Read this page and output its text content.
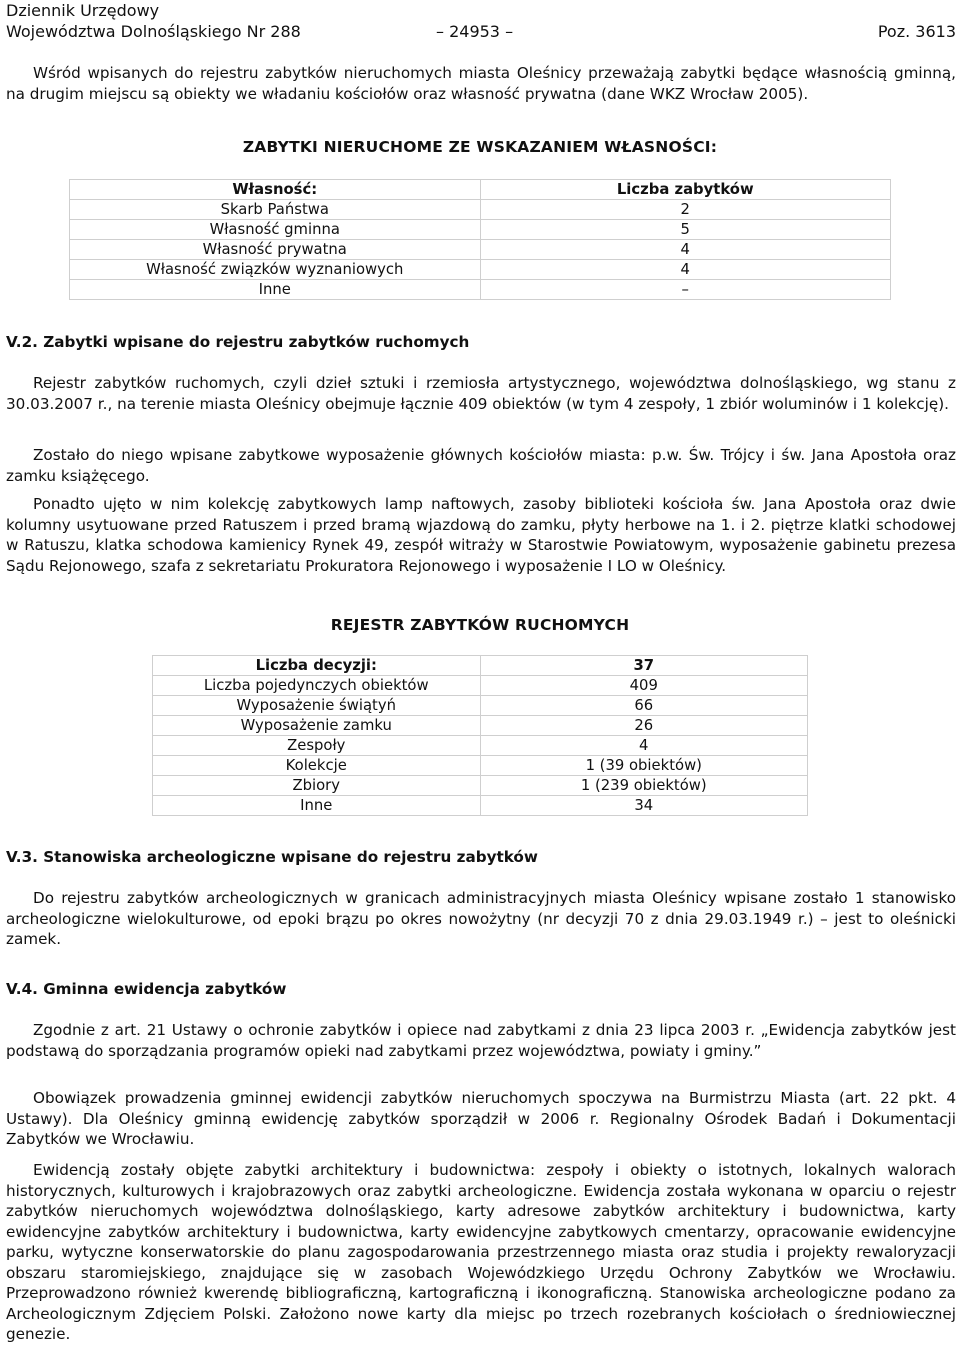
Dziennik Urzędowy
Województwa Dolnośląskiego Nr 288	– 24953 –	Poz. 3613

Wśród wpisanych do rejestru zabytków nieruchomych miasta Oleśnicy przeważają zabytki będące własnością gminną, na drugim miejscu są obiekty we władaniu kościołów oraz własność prywatna (dane WKZ Wrocław 2005).

ZABYTKI NIERUCHOME ZE WSKAZANIEM WŁASNOŚCI:
Własność:	Liczba zabytków
Skarb Państwa	2
Własność gminna	5
Własność prywatna	4
Własność związków wyznaniowych	4
Inne	–
V.2. Zabytki wpisane do rejestru zabytków ruchomych

Rejestr zabytków ruchomych, czyli dzieł sztuki i rzemiosła artystycznego, województwa dolnośląskiego, wg stanu z 30.03.2007 r., na terenie miasta Oleśnicy obejmuje łącznie 409 obiektów (w tym 4 zespoły, 1 zbiór woluminów i 1 kolekcję).

Zostało do niego wpisane zabytkowe wyposażenie głównych kościołów miasta: p.w. Św. Trójcy i św. Jana Apostoła oraz zamku książęcego.

Ponadto ujęto w nim kolekcję zabytkowych lamp naftowych, zasoby biblioteki kościoła św. Jana Apostoła oraz dwie kolumny usytuowane przed Ratuszem i przed bramą wjazdową do zamku, płyty herbowe na 1. i 2. piętrze klatki schodowej w Ratuszu, klatka schodowa kamienicy Rynek 49, zespół witraży w Starostwie Powiatowym, wyposażenie gabinetu prezesa Sądu Rejonowego, szafa z sekretariatu Prokuratora Rejonowego i wyposażenie I LO w Oleśnicy.

REJESTR ZABYTKÓW RUCHOMYCH
Liczba decyzji:	37
Liczba pojedynczych obiektów	409
Wyposażenie świątyń	66
Wyposażenie zamku	26
Zespoły	4
Kolekcje	1 (39 obiektów)
Zbiory	1 (239 obiektów)
Inne	34
V.3. Stanowiska archeologiczne wpisane do rejestru zabytków

Do rejestru zabytków archeologicznych w granicach administracyjnych miasta Oleśnicy wpisane zostało 1 stanowisko archeologiczne wielokulturowe, od epoki brązu po okres nowożytny (nr decyzji 70 z dnia 29.03.1949 r.) – jest to oleśnicki zamek.

V.4. Gminna ewidencja zabytków

Zgodnie z art. 21 Ustawy o ochronie zabytków i opiece nad zabytkami z dnia 23 lipca 2003 r. „Ewidencja zabytków jest podstawą do sporządzania programów opieki nad zabytkami przez województwa, powiaty i gminy.”

Obowiązek prowadzenia gminnej ewidencji zabytków nieruchomych spoczywa na Burmistrzu Miasta (art. 22 pkt. 4 Ustawy). Dla Oleśnicy gminną ewidencję zabytków sporządził w 2006 r. Regionalny Ośrodek Badań i Dokumentacji Zabytków we Wrocławiu.

Ewidencją zostały objęte zabytki architektury i budownictwa: zespoły i obiekty o istotnych, lokalnych walorach historycznych, kulturowych i krajobrazowych oraz zabytki archeologiczne. Ewidencja została wykonana w oparciu o rejestr zabytków nieruchomych województwa dolnośląskiego, karty adresowe zabytków architektury i budownictwa, karty ewidencyjne zabytków architektury i budownictwa, karty ewidencyjne zabytkowych cmentarzy, opracowanie ewidencyjne parku, wytyczne konserwatorskie do planu zagospodarowania przestrzennego miasta oraz studia i projekty rewaloryzacji obszaru staromiejskiego, znajdujące się w zasobach Wojewódzkiego Urzędu Ochrony Zabytków we Wrocławiu. Przeprowadzono również kwerendę bibliograficzną, kartograficzną i ikonograficzną. Stanowiska archeologiczne podano za Archeologicznym Zdjęciem Polski. Założono nowe karty dla miejsc po trzech rozebranych kościołach o średniowiecznej genezie.
